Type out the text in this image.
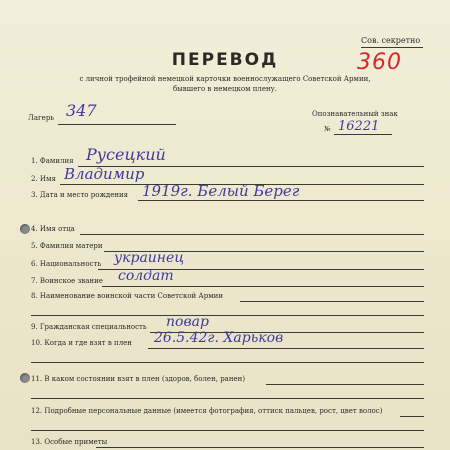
Сов. секретно
360
ПЕРЕВОД
с личной трофейной немецкой карточки военнослужащего Советской Армии,
бывшего в немецком плену.
Лагерь 347	Опознавательный знак
№ 16221
1. Фамилия Русецкий
2. Имя Владимир
3. Дата и место рождения 1919г. Белый Берег
4. Имя отца
5. Фамилия матери
6. Национальность украинец
7. Воинское звание солдат
8. Наименование воинской части Советской Армии
9. Гражданская специальность повар
10. Когда и где взят в плен 26.5.42г. Харьков
11. В каком состоянии взят в плен (здоров, болен, ранен)
12. Подробные персональные данные (имеется фотография, оттиск пальцев, рост, цвет волос)
13. Особые приметы
